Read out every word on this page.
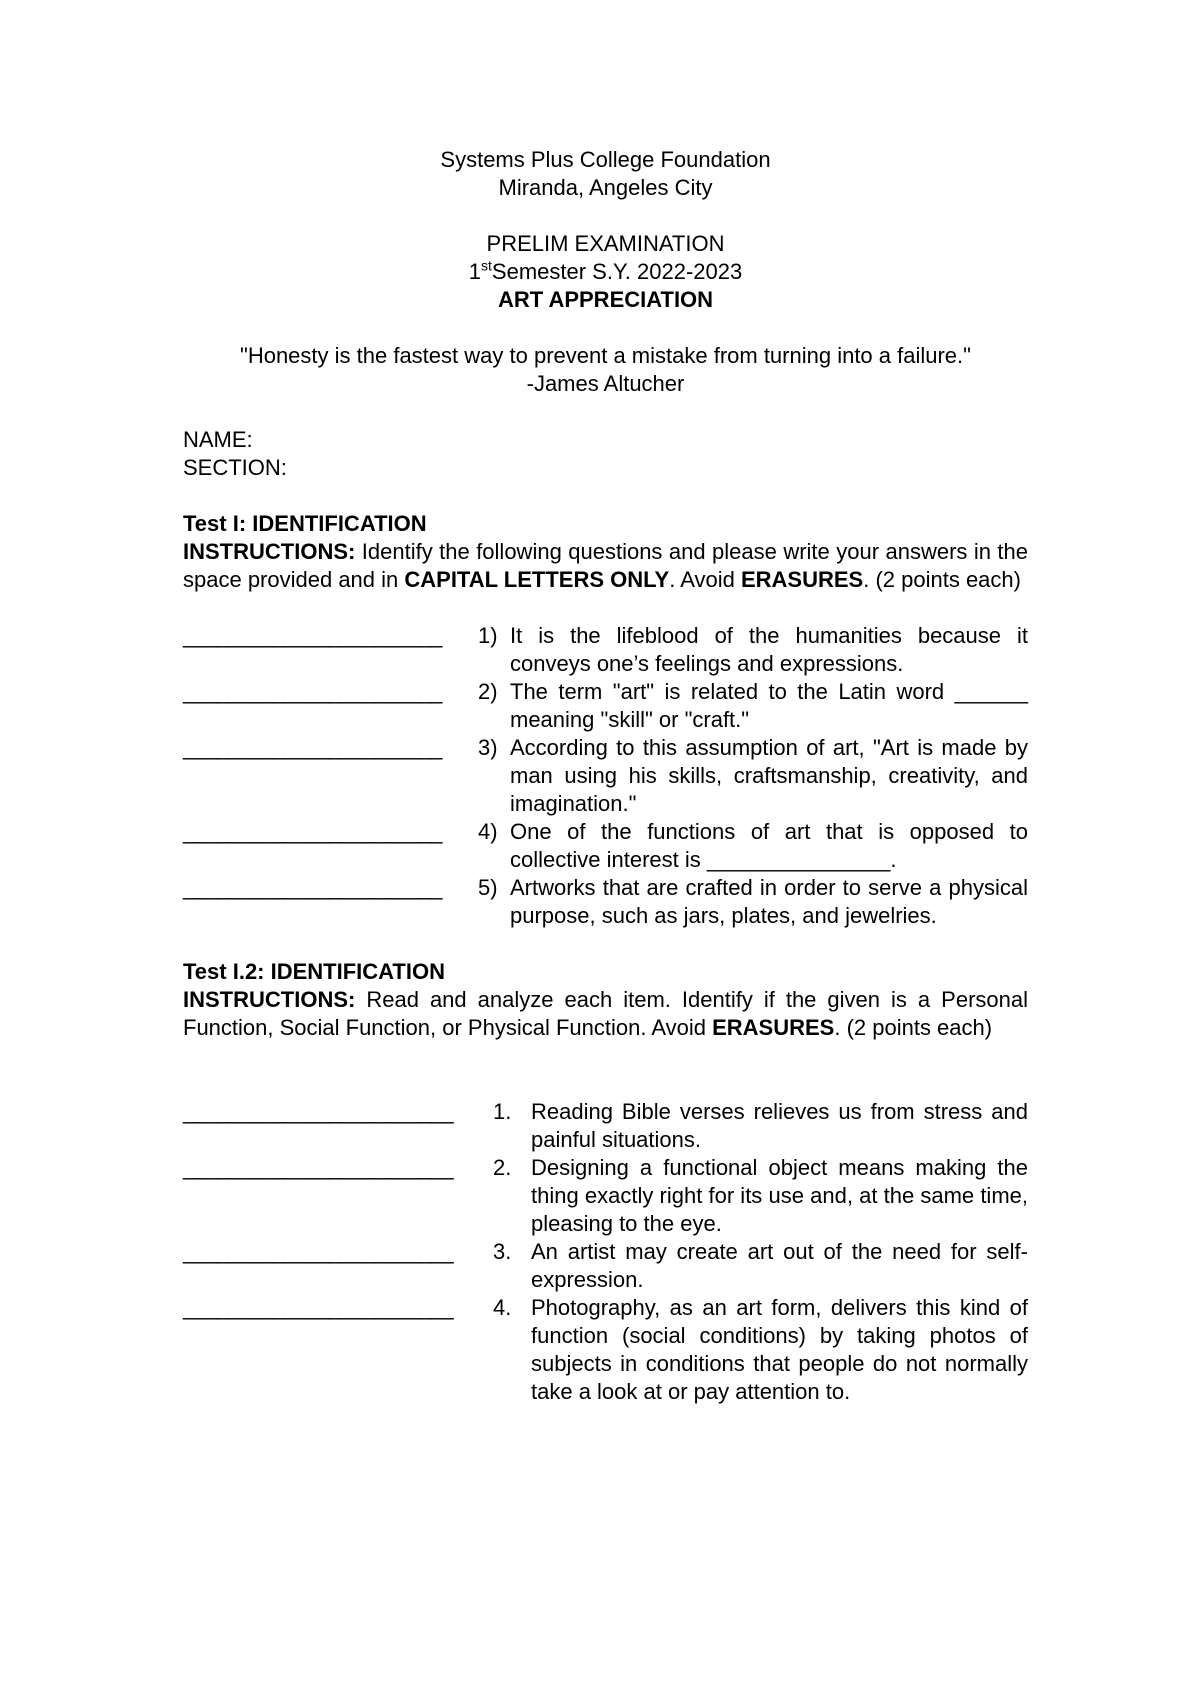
Systems Plus College Foundation
Miranda, Angeles City
PRELIM EXAMINATION
1stSemester S.Y. 2022-2023
ART APPRECIATION
"Honesty is the fastest way to prevent a mistake from turning into a failure."
-James Altucher
NAME:
SECTION:
Test I: IDENTIFICATION
INSTRUCTIONS: Identify the following questions and please write your answers in the space provided and in CAPITAL LETTERS ONLY. Avoid ERASURES. (2 points each)
_______________________	1) It is the lifeblood of the humanities because it conveys one’s feelings and expressions.
_______________________	2) The term "art" is related to the Latin word ______ meaning "skill" or "craft."
_______________________	3) According to this assumption of art, "Art is made by man using his skills, craftsmanship, creativity, and imagination."
_______________________	4) One of the functions of art that is opposed to collective interest is _______________.
_______________________	5) Artworks that are crafted in order to serve a physical purpose, such as jars, plates, and jewelries.
Test I.2: IDENTIFICATION
INSTRUCTIONS: Read and analyze each item. Identify if the given is a Personal Function, Social Function, or Physical Function. Avoid ERASURES. (2 points each)
________________________	1. Reading Bible verses relieves us from stress and painful situations.
________________________	2. Designing a functional object means making the thing exactly right for its use and, at the same time, pleasing to the eye.
________________________	3. An artist may create art out of the need for self-expression.
________________________	4. Photography, as an art form, delivers this kind of function (social conditions) by taking photos of subjects in conditions that people do not normally take a look at or pay attention to.
